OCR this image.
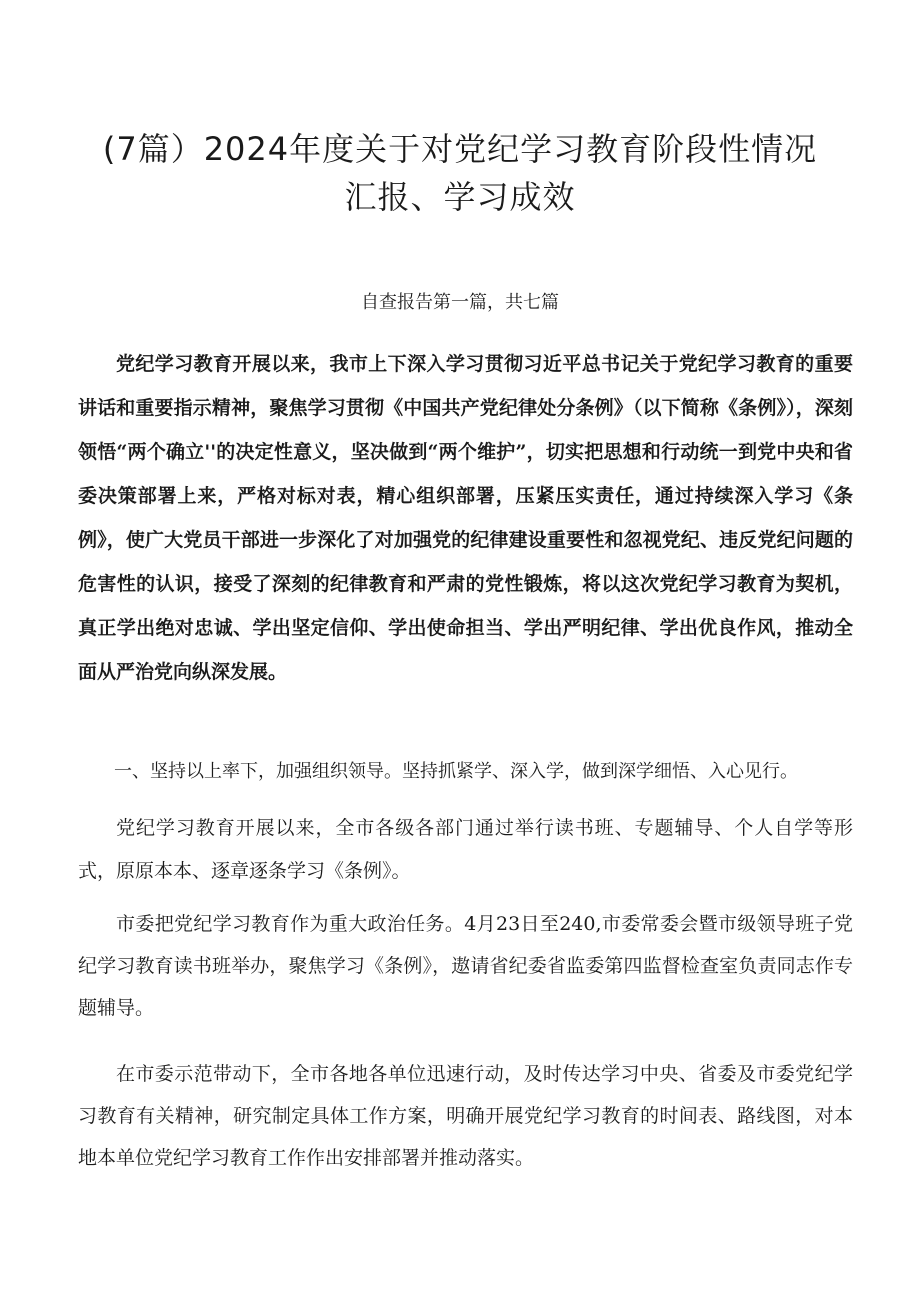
(7篇）2024年度关于对党纪学习教育阶段性情况
汇报、学习成效

自查报告第一篇，共七篇

党纪学习教育开展以来，我市上下深入学习贯彻习近平总书记关于党纪学习教育的重要讲话和重要指示精神，聚焦学习贯彻《中国共产党纪律处分条例》（以下简称《条例》），深刻领悟“两个确立''的决定性意义，坚决做到“两个维护”，切实把思想和行动统一到党中央和省委决策部署上来，严格对标对表，精心组织部署，压紧压实责任，通过持续深入学习《条例》，使广大党员干部进一步深化了对加强党的纪律建设重要性和忽视党纪、违反党纪问题的危害性的认识，接受了深刻的纪律教育和严肃的党性锻炼，将以这次党纪学习教育为契机，真正学出绝对忠诚、学出坚定信仰、学出使命担当、学出严明纪律、学出优良作风，推动全面从严治党向纵深发展。

一、坚持以上率下，加强组织领导。坚持抓紧学、深入学，做到深学细悟、入心见行。

党纪学习教育开展以来，全市各级各部门通过举行读书班、专题辅导、个人自学等形式，原原本本、逐章逐条学习《条例》。

市委把党纪学习教育作为重大政治任务。4月23日至240,市委常委会暨市级领导班子党纪学习教育读书班举办，聚焦学习《条例》，遨请省纪委省监委第四监督检查室负责同志作专题辅导。

在市委示范带动下，全市各地各单位迅速行动，及时传达学习中央、省委及市委党纪学习教育有关精神，研究制定具体工作方案，明确开展党纪学习教育的时间表、路线图，对本地本单位党纪学习教育工作作出安排部署并推动落实。
